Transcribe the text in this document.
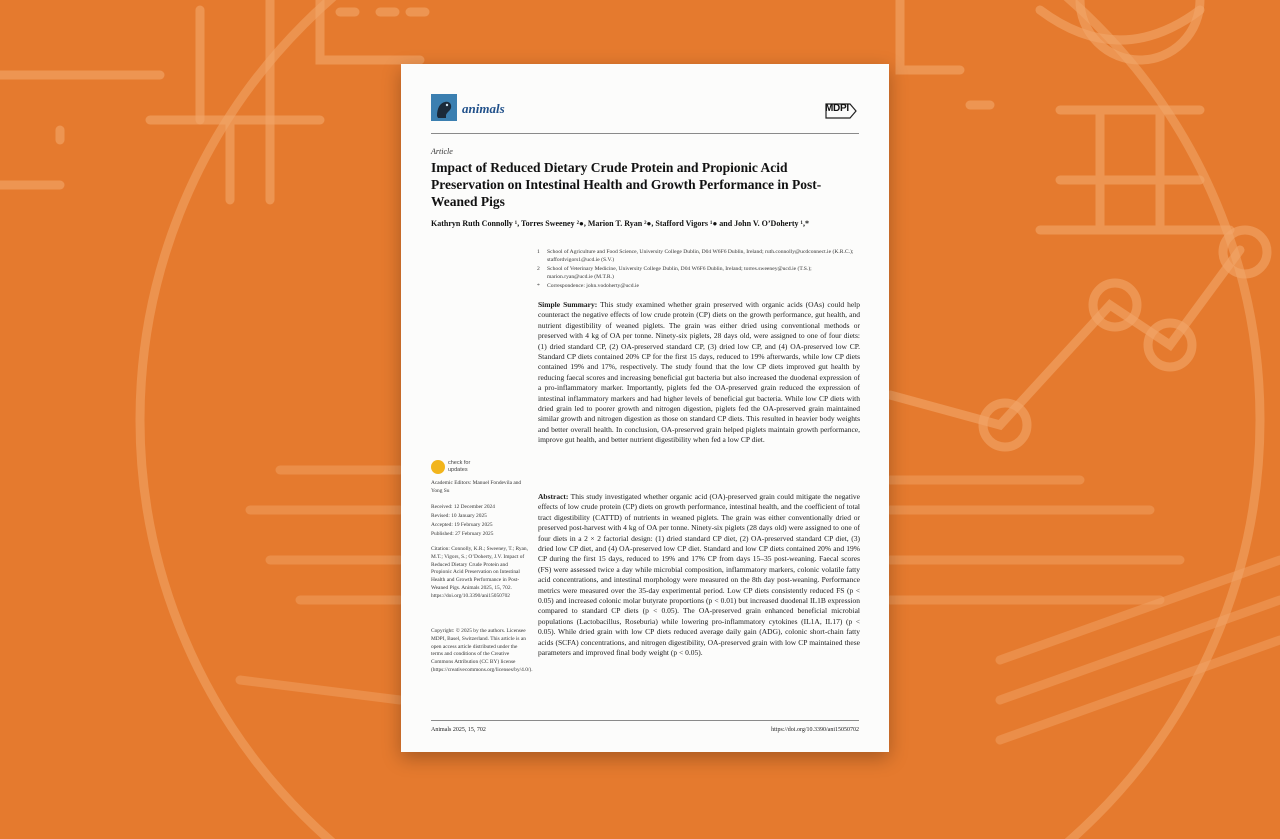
animals	MDPI
Article
Impact of Reduced Dietary Crude Protein and Propionic Acid Preservation on Intestinal Health and Growth Performance in Post-Weaned Pigs
Kathryn Ruth Connolly ¹, Torres Sweeney ²●, Marion T. Ryan ²●, Stafford Vigors ¹● and John V. O’Doherty ¹,*
1	School of Agriculture and Food Science, University College Dublin, D04 W6F6 Dublin, Ireland; ruth.connolly@ucdconnect.ie (K.R.C.); staffordvigors1@ucd.ie (S.V.)
2	School of Veterinary Medicine, University College Dublin, D04 W6F6 Dublin, Ireland; torres.sweeney@ucd.ie (T.S.); marion.ryan@ucd.ie (M.T.R.)
*	Correspondence: john.vodoherty@ucd.ie
Simple Summary: This study examined whether grain preserved with organic acids (OAs) could help counteract the negative effects of low crude protein (CP) diets on the growth performance, gut health, and nutrient digestibility of weaned piglets. The grain was either dried using conventional methods or preserved with 4 kg of OA per tonne. Ninety-six piglets, 28 days old, were assigned to one of four diets: (1) dried standard CP, (2) OA-preserved standard CP, (3) dried low CP, and (4) OA-preserved low CP. Standard CP diets contained 20% CP for the first 15 days, reduced to 19% afterwards, while low CP diets contained 19% and 17%, respectively. The study found that the low CP diets improved gut health by reducing faecal scores and increasing beneficial gut bacteria but also increased the duodenal expression of a pro-inflammatory marker. Importantly, piglets fed the OA-preserved grain reduced the expression of intestinal inflammatory markers and had higher levels of beneficial gut bacteria. While low CP diets with dried grain led to poorer growth and nitrogen digestion, piglets fed the OA-preserved grain maintained similar growth and nitrogen digestion as those on standard CP diets. This resulted in heavier body weights and better overall health. In conclusion, OA-preserved grain helped piglets maintain growth performance, improve gut health, and better nutrient digestibility when fed a low CP diet.
Abstract: This study investigated whether organic acid (OA)-preserved grain could mitigate the negative effects of low crude protein (CP) diets on growth performance, intestinal health, and the coefficient of total tract digestibility (CATTD) of nutrients in weaned piglets. The grain was either conventionally dried or preserved post-harvest with 4 kg of OA per tonne. Ninety-six piglets (28 days old) were assigned to one of four diets in a 2 × 2 factorial design: (1) dried standard CP diet, (2) OA-preserved standard CP diet, (3) dried low CP diet, and (4) OA-preserved low CP diet. Standard and low CP diets contained 20% and 19% CP during the first 15 days, reduced to 19% and 17% CP from days 15–35 post-weaning. Faecal scores (FS) were assessed twice a day while microbial composition, inflammatory markers, colonic volatile fatty acid concentrations, and intestinal morphology were measured on the 8th day post-weaning. Performance metrics were measured over the 35-day experimental period. Low CP diets consistently reduced FS (p < 0.05) and increased colonic molar butyrate proportions (p < 0.01) but increased duodenal IL1B expression compared to standard CP diets (p < 0.05). The OA-preserved grain enhanced beneficial microbial populations (Lactobacillus, Roseburia) while lowering pro-inflammatory cytokines (IL1A, IL17) (p < 0.05). While dried grain with low CP diets reduced average daily gain (ADG), colonic short-chain fatty acids (SCFA) concentrations, and nitrogen digestibility, OA-preserved grain with low CP maintained these parameters and improved final body weight (p < 0.05).
check for updates
Academic Editors: Manuel Fondevila and Yong Su
Received: 12 December 2024
Revised: 10 January 2025
Accepted: 19 February 2025
Published: 27 February 2025
Citation: Connolly, K.R.; Sweeney, T.; Ryan, M.T.; Vigors, S.; O’Doherty, J.V. Impact of Reduced Dietary Crude Protein and Propionic Acid Preservation on Intestinal Health and Growth Performance in Post-Weaned Pigs. Animals 2025, 15, 702. https://doi.org/10.3390/ani15050702
Copyright: © 2025 by the authors. Licensee MDPI, Basel, Switzerland. This article is an open access article distributed under the terms and conditions of the Creative Commons Attribution (CC BY) license (https://creativecommons.org/licenses/by/4.0/).
Animals 2025, 15, 702	https://doi.org/10.3390/ani15050702
